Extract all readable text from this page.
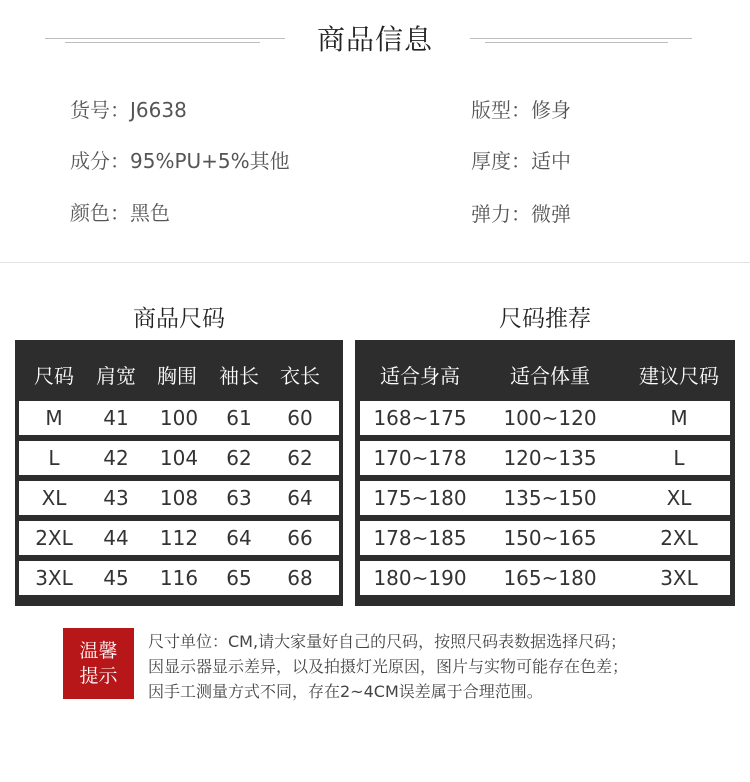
商品信息
货号：J6638
成分：95%PU+5%其他
颜色：黑色
版型：修身
厚度：适中
弹力：微弹
商品尺码	尺码推荐
尺码 肩宽 胸围 袖长 衣长
M	41	100	61	60
L	42	104	62	62
XL	43	108	63	64
2XL	44	112	64	66
3XL	45	116	65	68
适合身高	适合体重	建议尺码
168~175 100~120	M
170~178 120~135	L
175~180 135~150	XL
178~185 150~165	2XL
180~190 165~180	3XL
温馨
提示
尺寸单位：CM,请大家量好自己的尺码，按照尺码表数据选择尺码；
因显示器显示差异，以及拍摄灯光原因，图片与实物可能存在色差；
因手工测量方式不同，存在2~4CM误差属于合理范围。
